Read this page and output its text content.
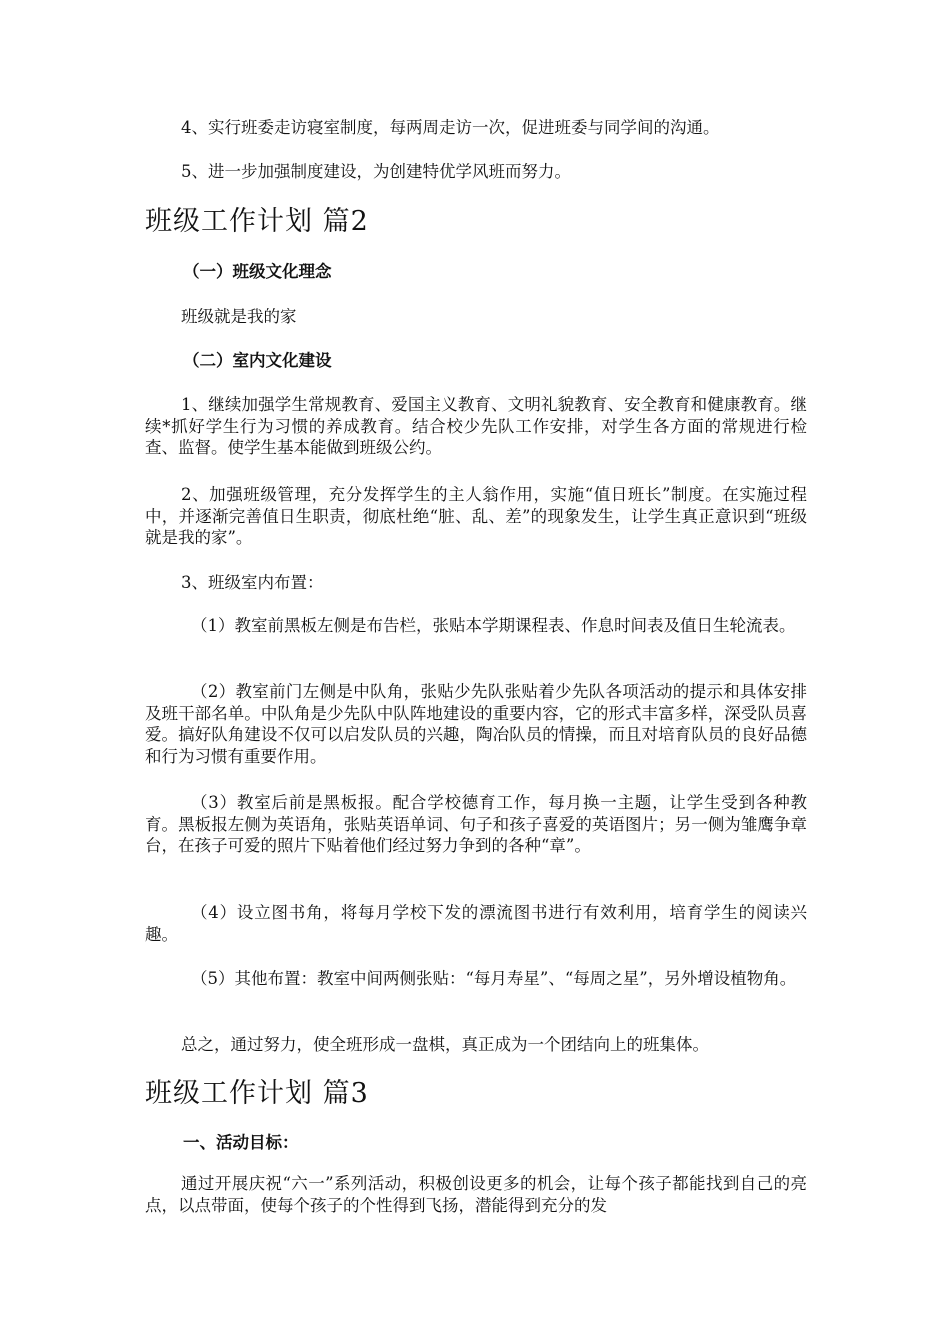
4、实行班委走访寝室制度，每两周走访一次，促进班委与同学间的沟通。

5、进一步加强制度建设，为创建特优学风班而努力。

班级工作计划 篇2
（一）班级文化理念

班级就是我的家

（二）室内文化建设

1、继续加强学生常规教育、爱国主义教育、文明礼貌教育、安全教育和健康教育。继续*抓好学生行为习惯的养成教育。结合校少先队工作安排，对学生各方面的常规进行检查、监督。使学生基本能做到班级公约。

2、加强班级管理，充分发挥学生的主人翁作用，实施“值日班长”制度。在实施过程中，并逐渐完善值日生职责，彻底杜绝“脏、乱、差”的现象发生，让学生真正意识到“班级就是我的家”。

3、班级室内布置：

（1）教室前黑板左侧是布告栏，张贴本学期课程表、作息时间表及值日生轮流表。

（2）教室前门左侧是中队角，张贴少先队张贴着少先队各项活动的提示和具体安排及班干部名单。中队角是少先队中队阵地建设的重要内容，它的形式丰富多样，深受队员喜爱。搞好队角建设不仅可以启发队员的兴趣，陶冶队员的情操，而且对培育队员的良好品德和行为习惯有重要作用。

（3）教室后前是黑板报。配合学校德育工作，每月换一主题，让学生受到各种教育。黑板报左侧为英语角，张贴英语单词、句子和孩子喜爱的英语图片；另一侧为雏鹰争章台，在孩子可爱的照片下贴着他们经过努力争到的各种“章”。

（4）设立图书角，将每月学校下发的漂流图书进行有效利用，培育学生的阅读兴趣。

（5）其他布置：教室中间两侧张贴：“每月寿星”、“每周之星”，另外增设植物角。

总之，通过努力，使全班形成一盘棋，真正成为一个团结向上的班集体。

班级工作计划 篇3
一、活动目标：

通过开展庆祝“六一”系列活动，积极创设更多的机会，让每个孩子都能找到自己的亮点，以点带面，使每个孩子的个性得到飞扬，潜能得到充分的发
